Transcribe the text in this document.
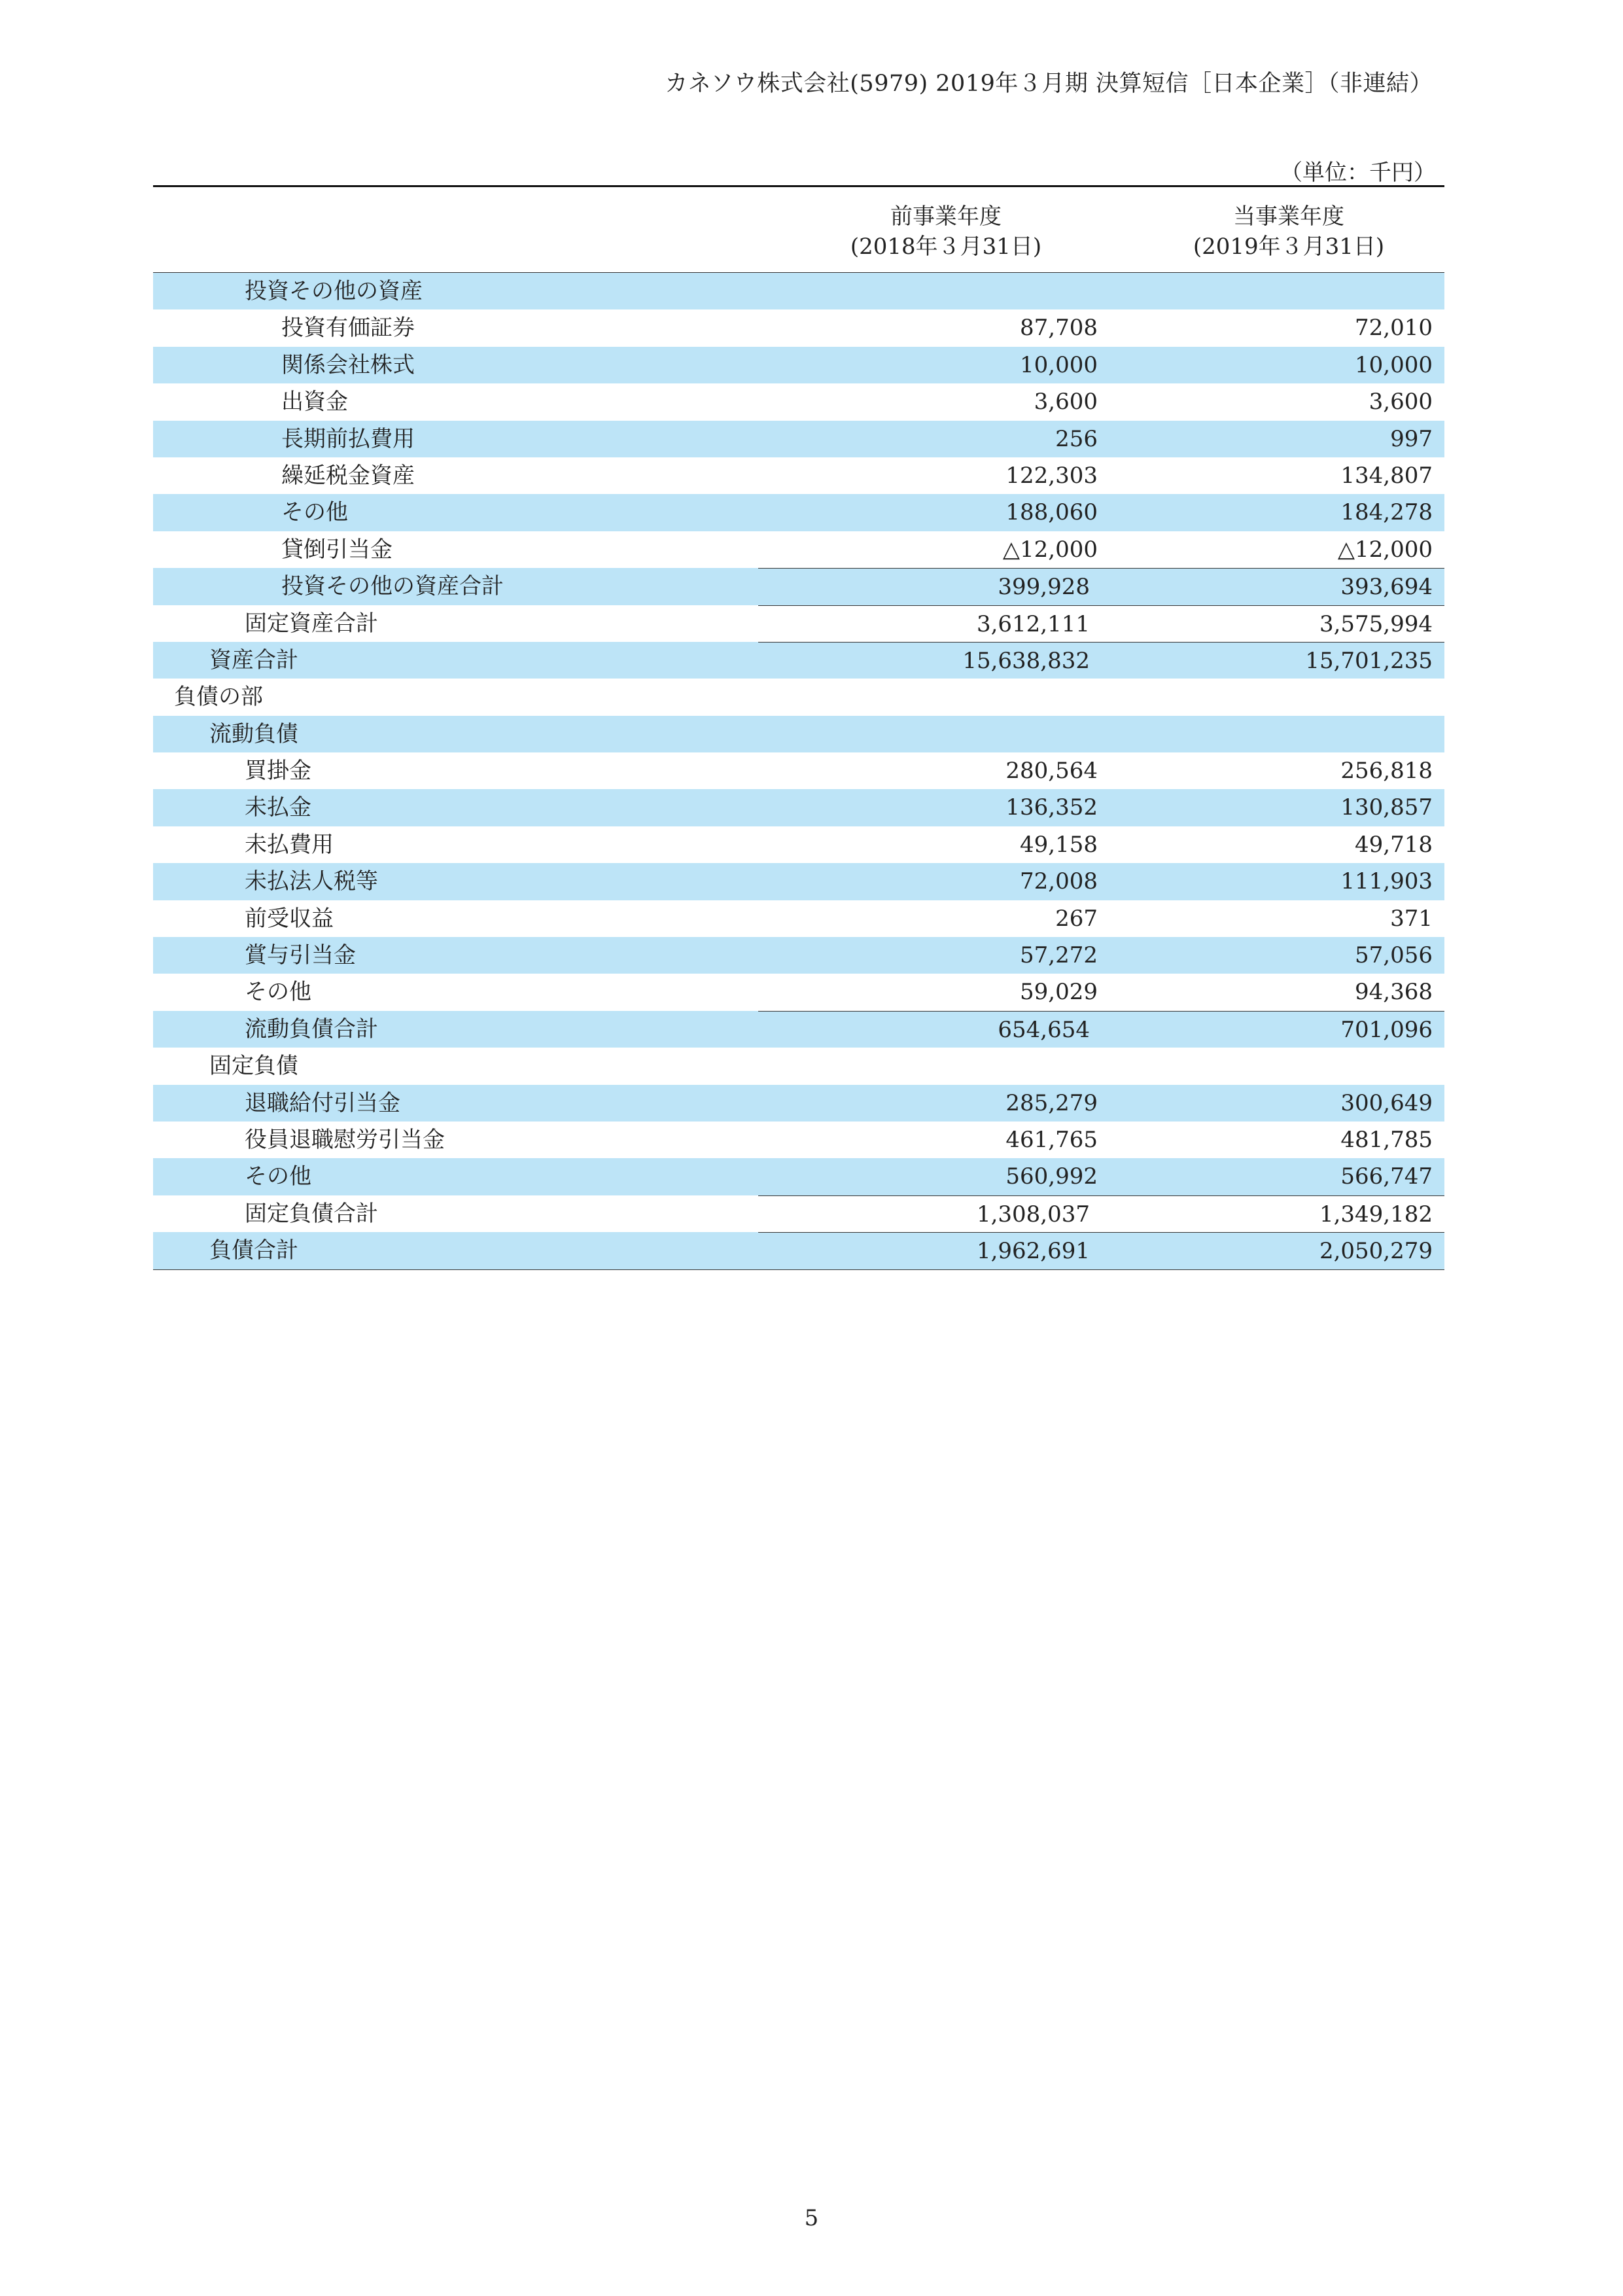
カネソウ株式会社(5979) 2019年３月期 決算短信［日本企業］（非連結）
（単位：千円）
前事業年度
(2018年３月31日)
当事業年度
(2019年３月31日)
投資その他の資産
投資有価証券	87,708	72,010
関係会社株式	10,000	10,000
出資金	3,600	3,600
長期前払費用	256	997
繰延税金資産	122,303	134,807
その他	188,060	184,278
貸倒引当金	△12,000	△12,000
投資その他の資産合計	399,928	393,694
固定資産合計	3,612,111	3,575,994
資産合計	15,638,832	15,701,235
負債の部
流動負債
買掛金	280,564	256,818
未払金	136,352	130,857
未払費用	49,158	49,718
未払法人税等	72,008	111,903
前受収益	267	371
賞与引当金	57,272	57,056
その他	59,029	94,368
流動負債合計	654,654	701,096
固定負債
退職給付引当金	285,279	300,649
役員退職慰労引当金	461,765	481,785
その他	560,992	566,747
固定負債合計	1,308,037	1,349,182
負債合計	1,962,691	2,050,279
5
